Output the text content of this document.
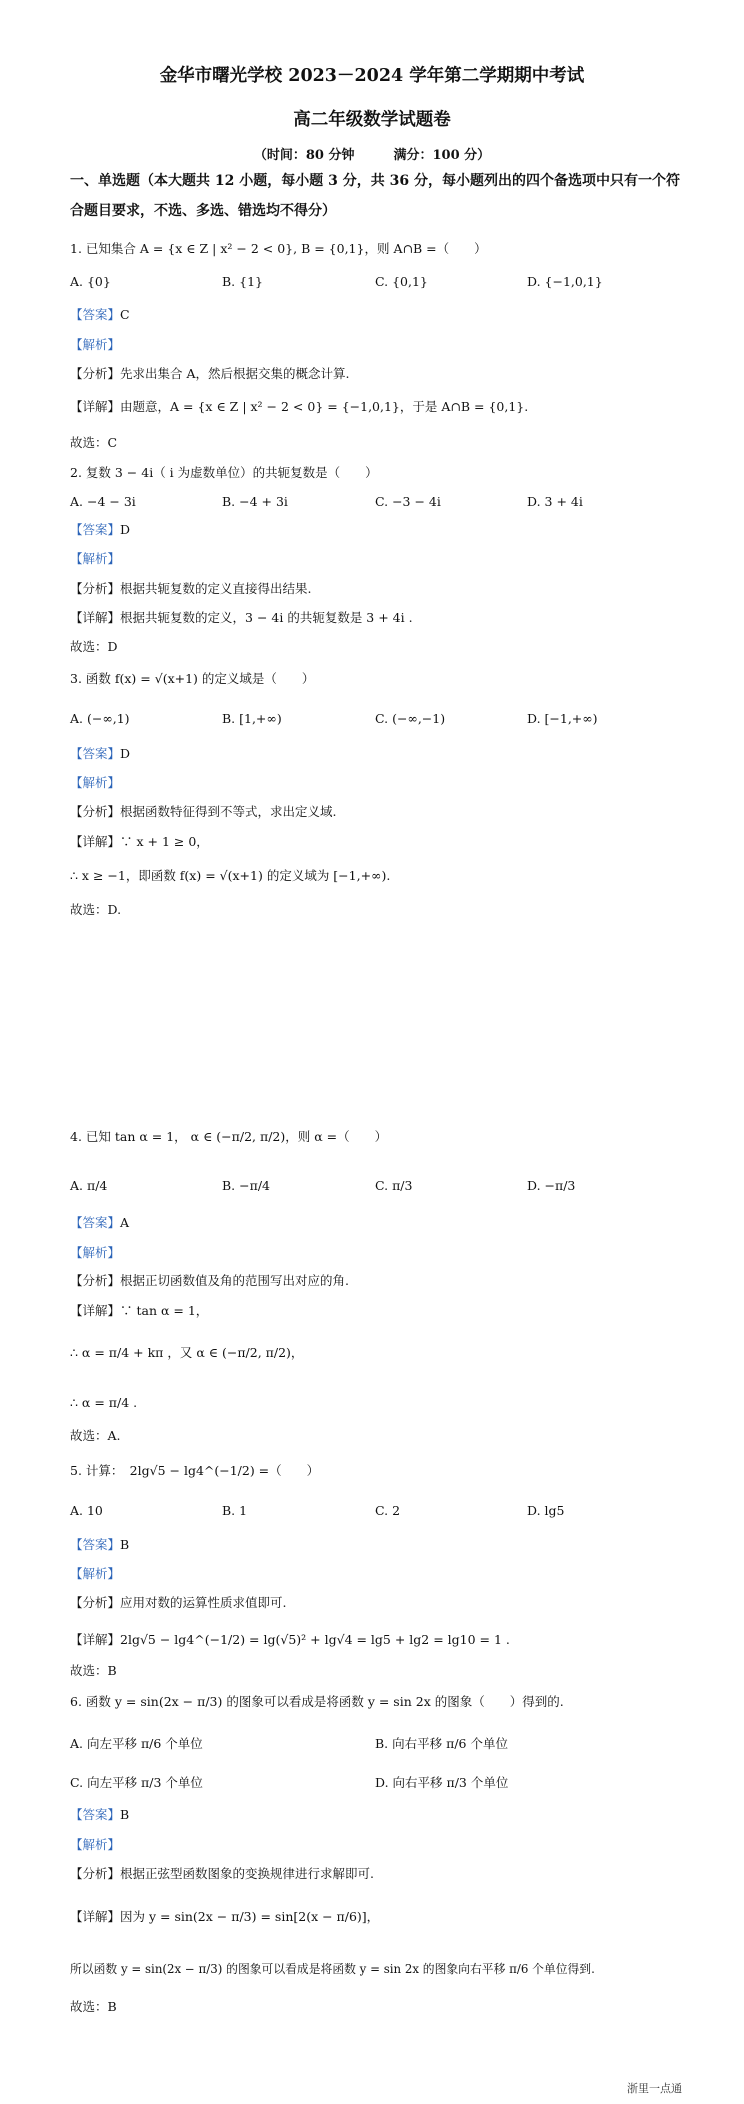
金华市曙光学校 2023－2024 学年第二学期期中考试
高二年级数学试题卷
（时间：80 分钟　　　满分：100 分）
一、单选题（本大题共 12 小题，每小题 3 分，共 36 分，每小题列出的四个备选项中只有一个符合题目要求，不选、多选、错选均不得分）
1. 已知集合 A = {x ∈ Z | x² − 2 < 0}, B = {0,1}，则 A∩B =（　　）
A. {0}	B. {1}	C. {0,1}	D. {−1,0,1}
【答案】C
【解析】
【分析】先求出集合 A，然后根据交集的概念计算.
【详解】由题意，A = {x ∈ Z | x² − 2 < 0} = {−1,0,1}，于是 A∩B = {0,1}.
故选：C
2. 复数 3 − 4i（ i 为虚数单位）的共轭复数是（　　）
A. −4 − 3i	B. −4 + 3i	C. −3 − 4i	D. 3 + 4i
【答案】D
【解析】
【分析】根据共轭复数的定义直接得出结果.
【详解】根据共轭复数的定义，3 − 4i 的共轭复数是 3 + 4i .
故选：D
3. 函数 f(x) = √(x+1) 的定义域是（　　）
A. (−∞,1)	B. [1,+∞)	C. (−∞,−1)	D. [−1,+∞)
【答案】D
【解析】
【分析】根据函数特征得到不等式，求出定义域.
【详解】∵ x + 1 ≥ 0，
∴ x ≥ −1，即函数 f(x) = √(x+1) 的定义域为 [−1,+∞).
故选：D.
4. 已知 tan α = 1， α ∈ (−π/2, π/2)，则 α =（　　）
A. π/4	B. −π/4	C. π/3	D. −π/3
【答案】A
【解析】
【分析】根据正切函数值及角的范围写出对应的角.
【详解】∵ tan α = 1，
∴ α = π/4 + kπ ，又 α ∈ (−π/2, π/2)，
∴ α = π/4 .
故选：A.
5. 计算：　2lg√5 − lg4^(−1/2) =（　　）
A. 10	B. 1	C. 2	D. lg5
【答案】B
【解析】
【分析】应用对数的运算性质求值即可.
【详解】2lg√5 − lg4^(−1/2) = lg(√5)² + lg√4 = lg5 + lg2 = lg10 = 1 .
故选：B
6. 函数 y = sin(2x − π/3) 的图象可以看成是将函数 y = sin 2x 的图象（　　）得到的.
A. 向左平移 π/6 个单位	B. 向右平移 π/6 个单位
C. 向左平移 π/3 个单位	D. 向右平移 π/3 个单位
【答案】B
【解析】
【分析】根据正弦型函数图象的变换规律进行求解即可.
【详解】因为 y = sin(2x − π/3) = sin[2(x − π/6)]，
所以函数 y = sin(2x − π/3) 的图象可以看成是将函数 y = sin 2x 的图象向右平移 π/6 个单位得到.
故选：B
浙里一点通
